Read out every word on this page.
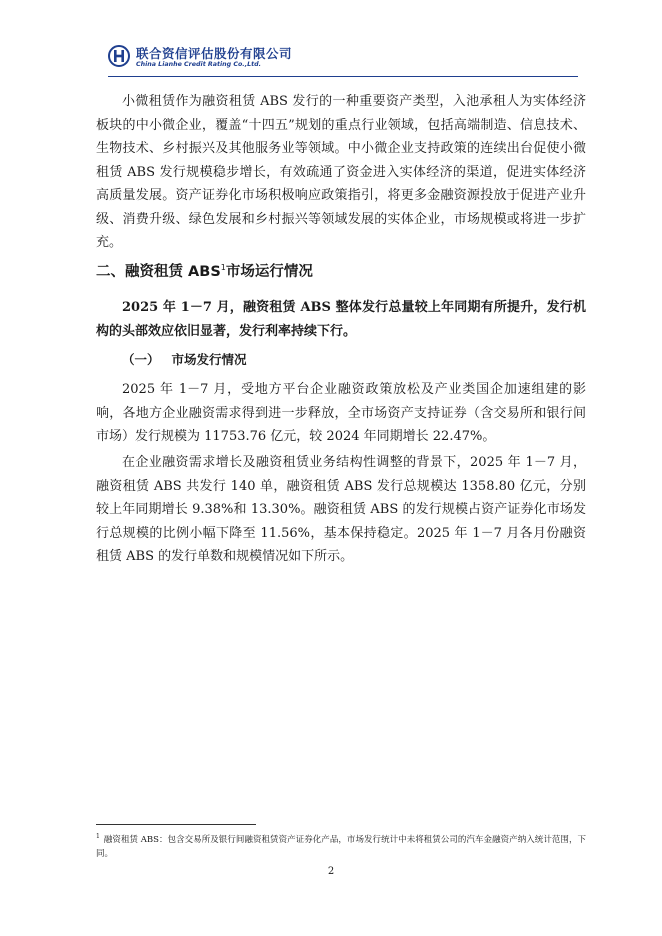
联合资信评估股份有限公司
China Lianhe Credit Rating Co.,Ltd.

小微租赁作为融资租赁 ABS 发行的一种重要资产类型，入池承租人为实体经济板块的中小微企业，覆盖“十四五”规划的重点行业领域，包括高端制造、信息技术、生物技术、乡村振兴及其他服务业等领域。中小微企业支持政策的连续出台促使小微租赁 ABS 发行规模稳步增长，有效疏通了资金进入实体经济的渠道，促进实体经济高质量发展。资产证券化市场积极响应政策指引，将更多金融资源投放于促进产业升级、消费升级、绿色发展和乡村振兴等领域发展的实体企业，市场规模或将进一步扩充。

二、融资租赁 ABS$^1$市场运行情况

2025 年 1－7 月，融资租赁 ABS 整体发行总量较上年同期有所提升，发行机构的头部效应依旧显著，发行利率持续下行。

（一） 市场发行情况

2025 年 1－7 月，受地方平台企业融资政策放松及产业类国企加速组建的影响，各地方企业融资需求得到进一步释放，全市场资产支持证券（含交易所和银行间市场）发行规模为 11753.76 亿元，较 2024 年同期增长 22.47%。

在企业融资需求增长及融资租赁业务结构性调整的背景下，2025 年 1－7 月，融资租赁 ABS 共发行 140 单，融资租赁 ABS 发行总规模达 1358.80 亿元，分别较上年同期增长 9.38%和 13.30%。融资租赁 ABS 的发行规模占资产证券化市场发行总规模的比例小幅下降至 11.56%，基本保持稳定。2025 年 1－7 月各月份融资租赁 ABS 的发行单数和规模情况如下所示。

$^1$ 融资租赁 ABS：包含交易所及银行间融资租赁资产证券化产品，市场发行统计中未将租赁公司的汽车金融资产纳入统计范围，下同。

2
